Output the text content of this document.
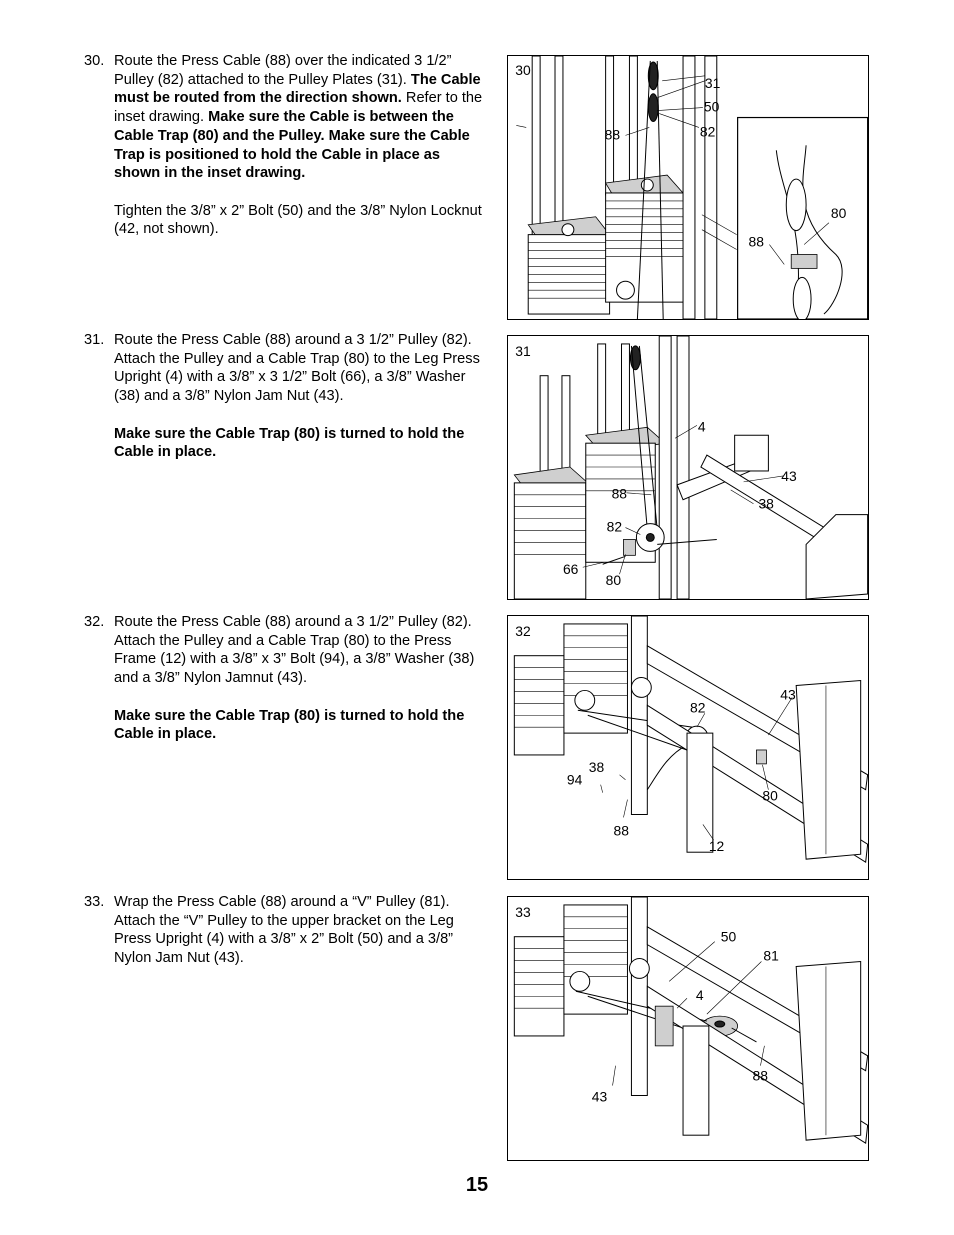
30. Route the Press Cable (88) over the indicated 3 1/2” Pulley (82) attached to the Pulley Plates (31). The Cable must be routed from the direction shown. Refer to the inset drawing. Make sure the Cable is between the Cable Trap (80) and the Pulley. Make sure the Cable Trap is positioned to hold the Cable in place as shown in the inset drawing.

Tighten the 3/8” x 2” Bolt (50) and the 3/8” Nylon Locknut (42, not shown).

31. Route the Press Cable (88) around a 3 1/2” Pulley (82). Attach the Pulley and a Cable Trap (80) to the Leg Press Upright (4) with a 3/8” x 3 1/2” Bolt (66), a 3/8” Washer (38) and a 3/8” Nylon Jam Nut (43).

Make sure the Cable Trap (80) is turned to hold the Cable in place.

32. Route the Press Cable (88) around a 3 1/2” Pulley (82). Attach the Pulley and a Cable Trap (80) to the Press Frame (12) with a 3/8” x 3” Bolt (94), a 3/8” Washer (38) and a 3/8” Nylon Jamnut (43).

Make sure the Cable Trap (80) is turned to hold the Cable in place.

33. Wrap the Press Cable (88) around a “V” Pulley (81). Attach the “V” Pulley to the upper bracket on the Leg Press Upright (4) with a 3/8” x 2” Bolt (50) and a 3/8” Nylon Jam Nut (43).

30
31
50
88	82
80
88
31
4
43
88
38
82
66
80
32
43
82
38
94
80
88
12
33
50
81
4
88
43
15
